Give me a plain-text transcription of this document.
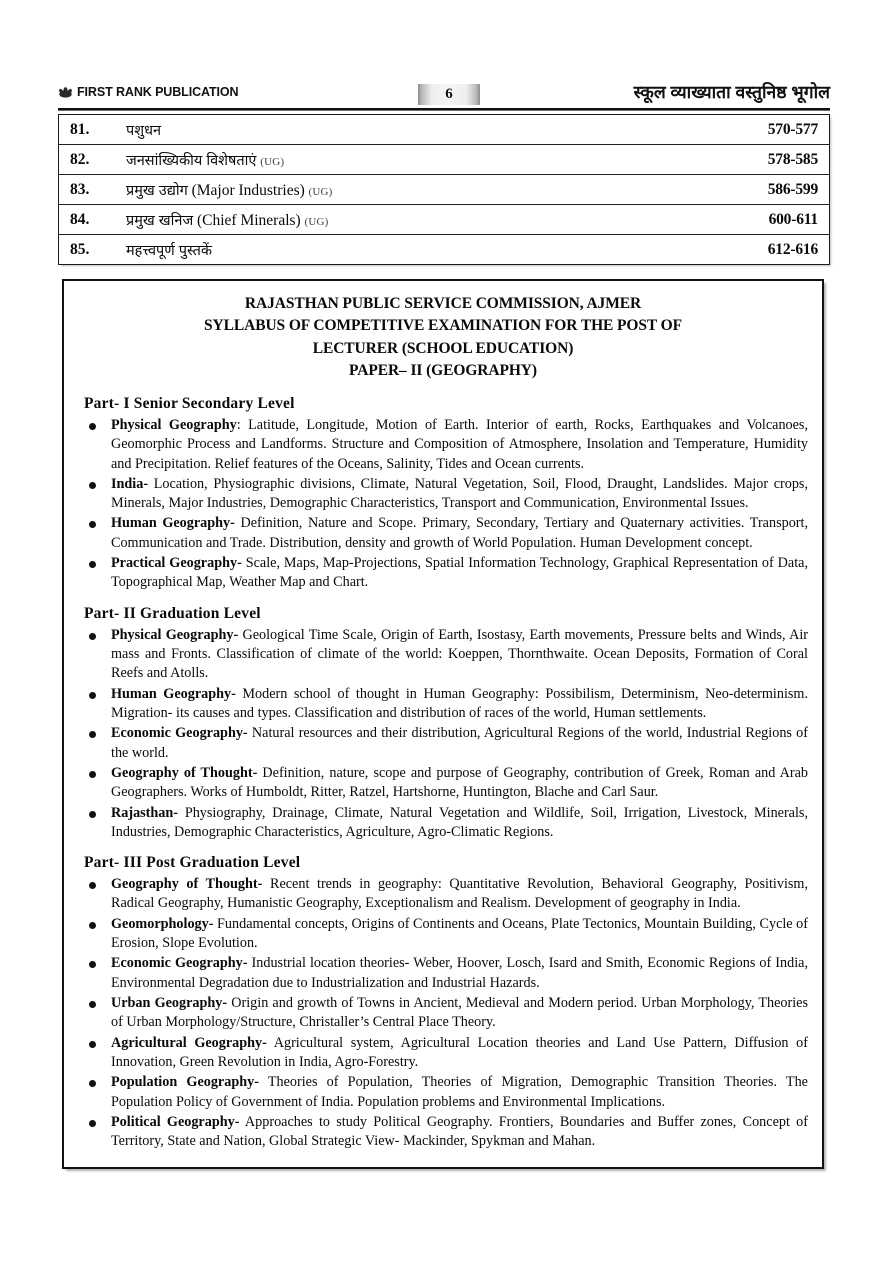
FIRST RANK PUBLICATION	6	स्कूल व्याख्याता वस्तुनिष्ठ भूगोल
81.	पशुधन	570-577
82.	जनसांख्यिकीय विशेषताएं (UG)	578-585
83.	प्रमुख उद्योग (Major Industries) (UG)	586-599
84.	प्रमुख खनिज (Chief Minerals) (UG)	600-611
85.	महत्त्वपूर्ण पुस्तकें	612-616
RAJASTHAN PUBLIC SERVICE COMMISSION, AJMER
SYLLABUS OF COMPETITIVE EXAMINATION FOR THE POST OF
LECTURER (SCHOOL EDUCATION)
PAPER– II (GEOGRAPHY)
Part- I Senior Secondary Level
Physical Geography: Latitude, Longitude, Motion of Earth. Interior of earth, Rocks, Earthquakes and Volcanoes, Geomorphic Process and Landforms. Structure and Composition of Atmosphere, Insolation and Temperature, Humidity and Precipitation. Relief features of the Oceans, Salinity, Tides and Ocean currents.
India- Location, Physiographic divisions, Climate, Natural Vegetation, Soil, Flood, Draught, Landslides. Major crops, Minerals, Major Industries, Demographic Characteristics, Transport and Communication, Environmental Issues.
Human Geography- Definition, Nature and Scope. Primary, Secondary, Tertiary and Quaternary activities. Transport, Communication and Trade. Distribution, density and growth of World Population. Human Development concept.
Practical Geography- Scale, Maps, Map-Projections, Spatial Information Technology, Graphical Representation of Data, Topographical Map, Weather Map and Chart.
Part- II Graduation Level
Physical Geography- Geological Time Scale, Origin of Earth, Isostasy, Earth movements, Pressure belts and Winds, Air mass and Fronts. Classification of climate of the world: Koeppen, Thornthwaite. Ocean Deposits, Formation of Coral Reefs and Atolls.
Human Geography- Modern school of thought in Human Geography: Possibilism, Determinism, Neo-determinism. Migration- its causes and types. Classification and distribution of races of the world, Human settlements.
Economic Geography- Natural resources and their distribution, Agricultural Regions of the world, Industrial Regions of the world.
Geography of Thought- Definition, nature, scope and purpose of Geography, contribution of Greek, Roman and Arab Geographers. Works of Humboldt, Ritter, Ratzel, Hartshorne, Huntington, Blache and Carl Saur.
Rajasthan- Physiography, Drainage, Climate, Natural Vegetation and Wildlife, Soil, Irrigation, Livestock, Minerals, Industries, Demographic Characteristics, Agriculture, Agro-Climatic Regions.
Part- III Post Graduation Level
Geography of Thought- Recent trends in geography: Quantitative Revolution, Behavioral Geography, Positivism, Radical Geography, Humanistic Geography, Exceptionalism and Realism. Development of geography in India.
Geomorphology- Fundamental concepts, Origins of Continents and Oceans, Plate Tectonics, Mountain Building, Cycle of Erosion, Slope Evolution.
Economic Geography- Industrial location theories- Weber, Hoover, Losch, Isard and Smith, Economic Regions of India, Environmental Degradation due to Industrialization and Industrial Hazards.
Urban Geography- Origin and growth of Towns in Ancient, Medieval and Modern period. Urban Morphology, Theories of Urban Morphology/Structure, Christaller’s Central Place Theory.
Agricultural Geography- Agricultural system, Agricultural Location theories and Land Use Pattern, Diffusion of Innovation, Green Revolution in India, Agro-Forestry.
Population Geography- Theories of Population, Theories of Migration, Demographic Transition Theories. The Population Policy of Government of India. Population problems and Environmental Implications.
Political Geography- Approaches to study Political Geography. Frontiers, Boundaries and Buffer zones, Concept of Territory, State and Nation, Global Strategic View- Mackinder, Spykman and Mahan.
